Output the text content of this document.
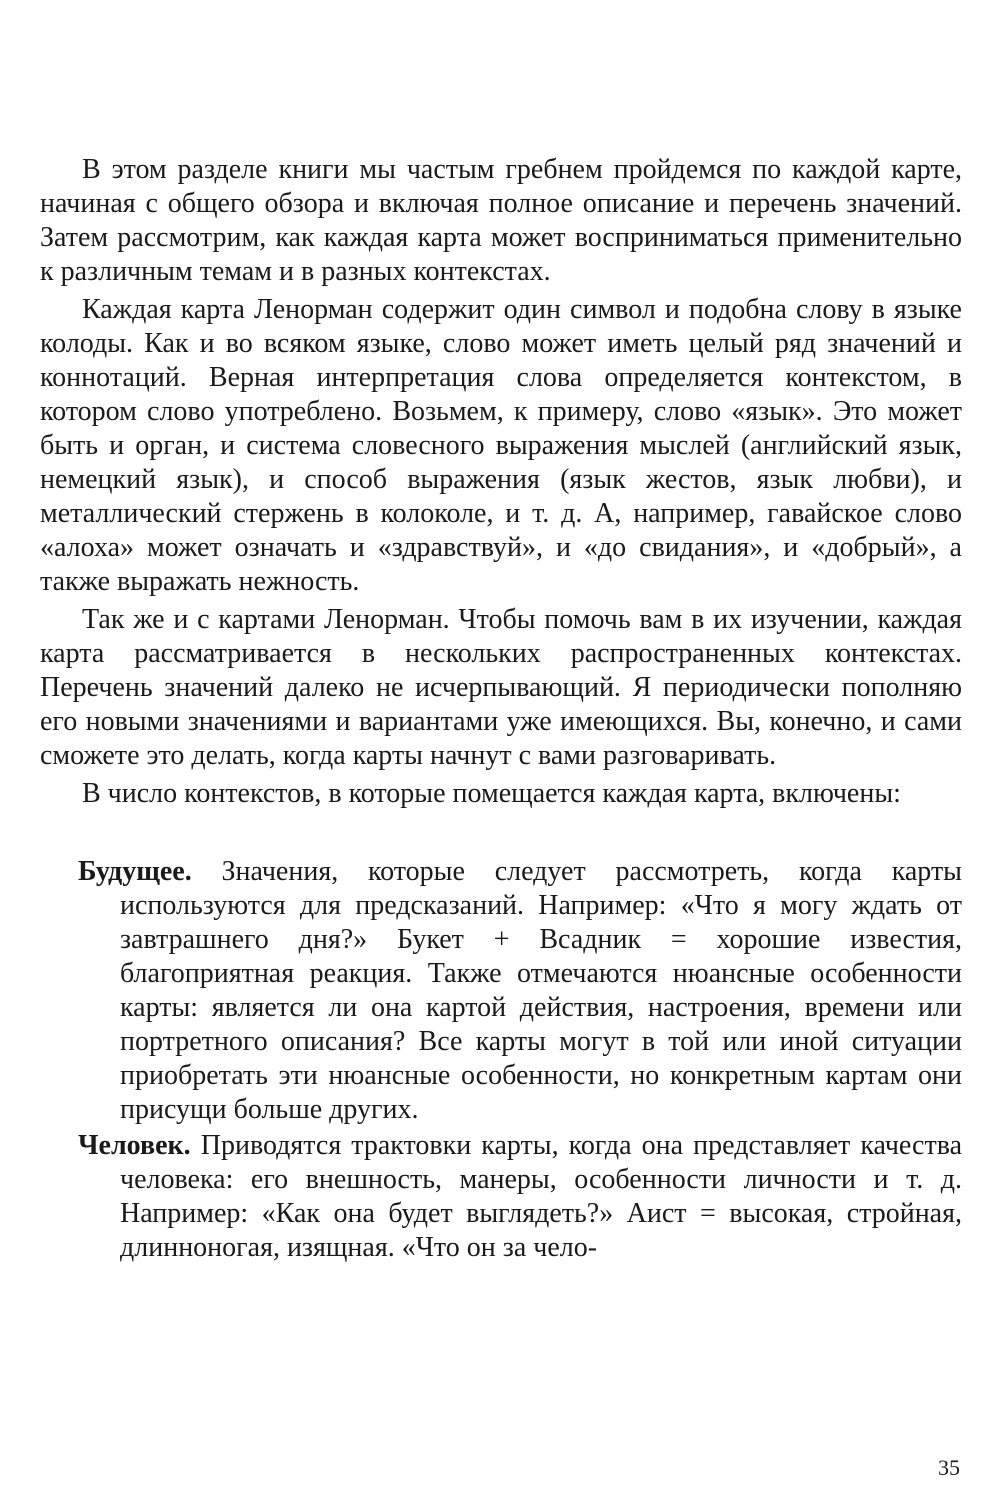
В этом разделе книги мы частым гребнем пройдемся по каждой карте, начиная с общего обзора и включая полное описание и перечень значений. Затем рассмотрим, как каждая карта может восприниматься применительно к различным темам и в разных контекстах.

Каждая карта Ленорман содержит один символ и подобна слову в языке колоды. Как и во всяком языке, слово может иметь целый ряд значений и коннотаций. Верная интерпретация слова определяется контекстом, в котором слово употреблено. Возьмем, к примеру, слово «язык». Это может быть и орган, и система словесного выражения мыслей (английский язык, немецкий язык), и способ выражения (язык жестов, язык любви), и металлический стержень в колоколе, и т. д. А, например, гавайское слово «алоха» может означать и «здравствуй», и «до свидания», и «добрый», а также выражать нежность.

Так же и с картами Ленорман. Чтобы помочь вам в их изучении, каждая карта рассматривается в нескольких распространенных контекстах. Перечень значений далеко не исчерпывающий. Я периодически пополняю его новыми значениями и вариантами уже имеющихся. Вы, конечно, и сами сможете это делать, когда карты начнут с вами разговаривать.

В число контекстов, в которые помещается каждая карта, включены:

Будущее. Значения, которые следует рассмотреть, когда карты используются для предсказаний. Например: «Что я могу ждать от завтрашнего дня?» Букет + Всадник = хорошие известия, благоприятная реакция. Также отмечаются нюансные особенности карты: является ли она картой действия, настроения, времени или портретного описания? Все карты могут в той или иной ситуации приобретать эти нюансные особенности, но конкретным картам они присущи больше других.

Человек. Приводятся трактовки карты, когда она представляет качества человека: его внешность, манеры, особенности личности и т. д. Например: «Как она будет выглядеть?» Аист = высокая, стройная, длинноногая, изящная. «Что он за чело-

35
